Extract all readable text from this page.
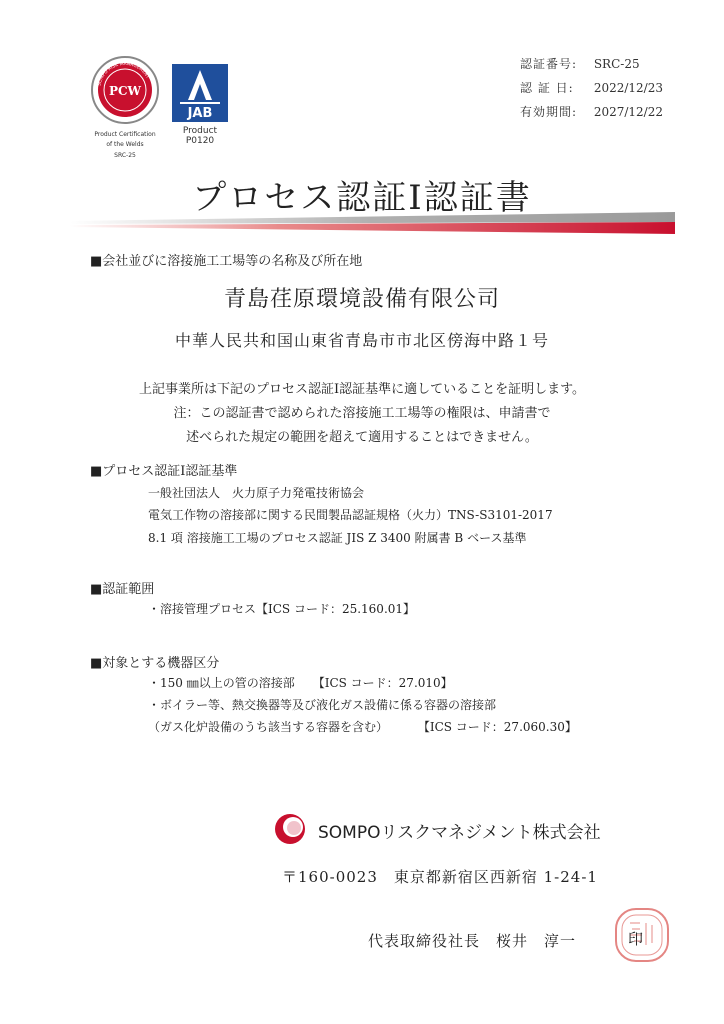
認証番号: SRC-25
認 証 日: 2022/12/23
有効期間: 2027/12/22
SOMPO RISK MANAGEMENT
PCW
Product Certification
of the Welds
SRC-25
JAB
Product
P0120
プロセス認証Ⅰ認証書
■会社並びに溶接施工工場等の名称及び所在地
青島荏原環境設備有限公司
中華人民共和国山東省青島市市北区傍海中路１号
上記事業所は下記のプロセス認証Ⅰ認証基準に適していることを証明します。
注：この認証書で認められた溶接施工工場等の権限は、申請書で
述べられた規定の範囲を超えて適用することはできません。
■プロセス認証Ⅰ認証基準
一般社団法人　火力原子力発電技術協会
電気工作物の溶接部に関する民間製品認証規格（火力）TNS-S3101-2017
8.1 項 溶接施工工場のプロセス認証 JIS Z 3400 附属書 B ベース基準
■認証範囲
・溶接管理プロセス【ICS コード：25.160.01】
■対象とする機器区分
・150 ㎜以上の管の溶接部　　【ICS コード：27.010】
・ボイラー等、熱交換器等及び液化ガス設備に係る容器の溶接部
（ガス化炉設備のうち該当する容器を含む） 【ICS コード：27.060.30】
SOMPOリスクマネジメント株式会社
〒160-0023　東京都新宿区西新宿 1-24-1
代表取締役社長　桜井　淳一	印
